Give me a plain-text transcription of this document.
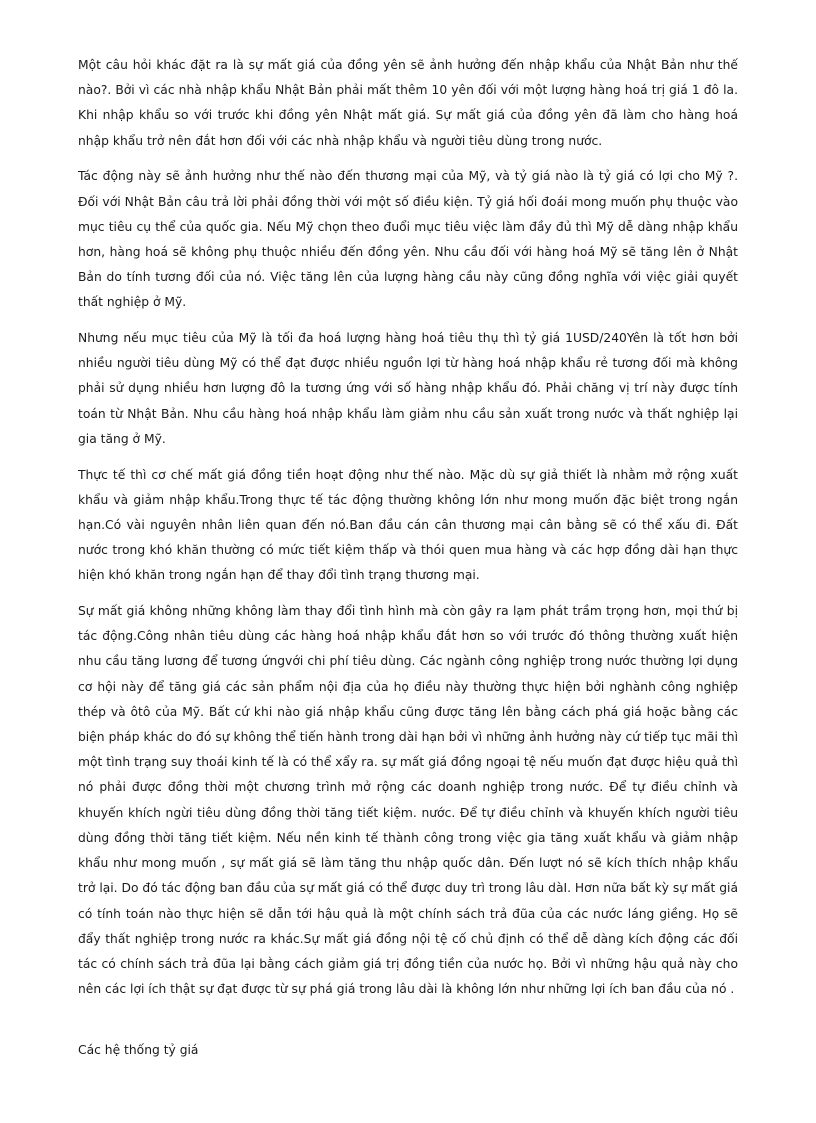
Một câu hỏi khác đặt ra là sự mất giá của đồng yên sẽ ảnh hưởng đến nhập khẩu của Nhật Bản như thế nào?. Bởi vì các nhà nhập khẩu Nhật Bản phải mất thêm 10 yên đối với một lượng hàng hoá trị giá 1 đô la. Khi nhập khẩu so với trước khi đồng yên Nhật mất giá. Sự mất giá của đồng yên đã làm cho hàng hoá nhập khẩu trở nên đắt hơn đối với các nhà nhập khẩu và người tiêu dùng trong nước.

Tác động này sẽ ảnh hưởng như thế nào đến thương mại của Mỹ, và tỷ giá nào là tỷ giá có lợi cho Mỹ ?. Đối với Nhật Bản câu trả lời phải đồng thời với một số điều kiện. Tỷ giá hối đoái mong muốn phụ thuộc vào mục tiêu cụ thể của quốc gia. Nếu Mỹ chọn theo đuổi mục tiêu việc làm đầy đủ thì Mỹ dễ dàng nhập khẩu hơn, hàng hoá sẽ không phụ thuộc nhiều đến đồng yên. Nhu cầu đối với hàng hoá Mỹ sẽ tăng lên ở Nhật Bản do tính tương đối của nó. Việc tăng lên của lượng hàng cầu này cũng đồng nghĩa với việc giải quyết thất nghiệp ở Mỹ.

Nhưng nếu mục tiêu của Mỹ là tối đa hoá lượng hàng hoá tiêu thụ thì tỷ giá 1USD/240Yên là tốt hơn bởi nhiều người tiêu dùng Mỹ có thể đạt được nhiều nguồn lợi từ hàng hoá nhập khẩu rẻ tương đối mà không phải sử dụng nhiều hơn lượng đô la tương ứng với số hàng nhập khẩu đó. Phải chăng vị trí này được tính toán từ Nhật Bản. Nhu cầu hàng hoá nhập khẩu làm giảm nhu cầu sản xuất trong nước và thất nghiệp lại gia tăng ở Mỹ.

Thực tế thì cơ chế mất giá đồng tiền hoạt động như thế nào. Mặc dù sự giả thiết là nhằm mở rộng xuất khẩu và giảm nhập khẩu.Trong thực tế tác động thường không lớn như mong muốn đặc biệt trong ngắn hạn.Có vài nguyên nhân liên quan đến nó.Ban đầu cán cân thương mại cân bằng sẽ có thể xấu đi. Đất nước trong khó khăn thường có mức tiết kiệm thấp và thói quen mua hàng và các hợp đồng dài hạn thực hiện khó khăn trong ngắn hạn để thay đổi tình trạng thương mại.

Sự mất giá không những không làm thay đổi tình hình mà còn gây ra lạm phát trầm trọng hơn, mọi thứ bị tác động.Công nhân tiêu dùng các hàng hoá nhập khẩu đắt hơn so với trước đó thông thường xuất hiện nhu cầu tăng lương để tương ứngvới chi phí tiêu dùng. Các ngành công nghiệp trong nước thường lợi dụng cơ hội này để tăng giá các sản phẩm nội địa của họ điều này thường thực hiện bởi nghành công nghiệp thép và ôtô của Mỹ. Bất cứ khi nào giá nhập khẩu cũng được tăng lên bằng cách phá giá hoặc bằng các biện pháp khác do đó sự không thể tiến hành trong dài hạn bởi vì những ảnh hưởng này cứ tiếp tục mãi thì một tình trạng suy thoái kinh tế là có thể xẩy ra. sự mất giá đồng ngoại tệ nếu muốn đạt được hiệu quả thì nó phải được đồng thời một chương trình mở rộng các doanh nghiệp trong nước. Để tự điều chỉnh và khuyến khích ngừi tiêu dùng đồng thời tăng tiết kiệm. nước. Để tự điều chỉnh và khuyến khích người tiêu dùng đồng thời tăng tiết kiệm. Nếu nền kinh tế thành công trong việc gia tăng xuất khẩu và giảm nhập khẩu như mong muốn , sự mất giá sẽ làm tăng thu nhập quốc dân. Đến lượt nó sẽ kích thích nhập khẩu trở lại. Do đó tác động ban đầu của sự mất giá có thể được duy trì trong lâu dàI. Hơn nữa bất kỳ sự mất giá có tính toán nào thực hiện sẽ dẫn tới hậu quả là một chính sách trả đũa của các nước láng giềng. Họ sẽ đẩy thất nghiệp trong nước ra khác.Sự mất giá đồng nội tệ cố chủ định có thể dễ dàng kích động các đối tác có chính sách trả đũa lại bằng cách giảm giá trị đồng tiền của nước họ. Bởi vì những hậu quả này cho nên các lợi ích thật sự đạt được từ sự phá giá trong lâu dài là không lớn như những lợi ích ban đầu của nó .

Các hệ thống tỷ giá
